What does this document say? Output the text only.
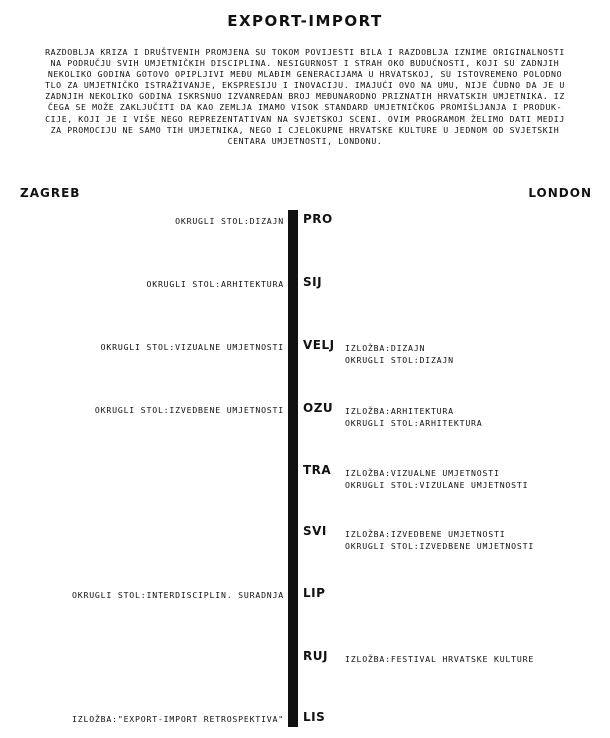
EXPORT-IMPORT
RAZDOBLJA KRIZA I DRUŠTVENIH PROMJENA SU TOKOM POVIJESTI BILA I RAZDOBLJA IZNIME ORIGINALNOSTI
NA PODRUČJU SVIH UMJETNIČKIH DISCIPLINA. NESIGURNOST I STRAH OKO BUDUĆNOSTI, KOJI SU ZADNJIH
NEKOLIKO GODINA GOTOVO OPIPLJIVI MEĐU MLAĐIM GENERACIJAMA U HRVATSKOJ, SU ISTOVREMENO POLODNO
TLO ZA UMJETNIČKO ISTRAŽIVANJE, EKSPRESIJU I INOVACIJU. IMAJUĆI OVO NA UMU, NIJE ČUDNO DA JE U
ZADNJIH NEKOLIKO GODINA ISKRSNUO IZVANREDAN BROJ MEĐUNARODNO PRIZNATIH HRVATSKIH UMJETNIKA. IZ
ČEGA SE MOŽE ZAKLJUČITI DA KAO ZEMLJA IMAMO VISOK STANDARD UMJETNIČKOG PROMIŠLJANJA I PRODUK-
CIJE, KOJI JE I VIŠE NEGO REPREZENTATIVAN NA SVJETSKOJ SCENI. OVIM PROGRAMOM ŽELIMO DATI MEDIJ
ZA PROMOCIJU NE SAMO TIH UMJETNIKA, NEGO I CJELOKUPNE HRVATSKE KULTURE U JEDNOM OD SVJETSKIH
CENTARA UMJETNOSTI, LONDONU.
ZAGREB	LONDON
OKRUGLI STOL:DIZAJN PRO
OKRUGLI STOL:ARHITEKTURA SIJ
OKRUGLI STOL:VIZUALNE UMJETNOSTI VELJ IZLOŽBA:DIZAJN
OKRUGLI STOL:DIZAJN
OKRUGLI STOL:IZVEDBENE UMJETNOSTI OZU IZLOŽBA:ARHITEKTURA
OKRUGLI STOL:ARHITEKTURA
TRA IZLOŽBA:VIZUALNE UMJETNOSTI
OKRUGLI STOL:VIZULANE UMJETNOSTI
SVI IZLOŽBA:IZVEDBENE UMJETNOSTI
OKRUGLI STOL:IZVEDBENE UMJETNOSTI
OKRUGLI STOL:INTERDISCIPLIN. SURADNJA LIP
RUJ IZLOŽBA:FESTIVAL HRVATSKE KULTURE
IZLOŽBA:"EXPORT-IMPORT RETROSPEKTIVA" LIS
